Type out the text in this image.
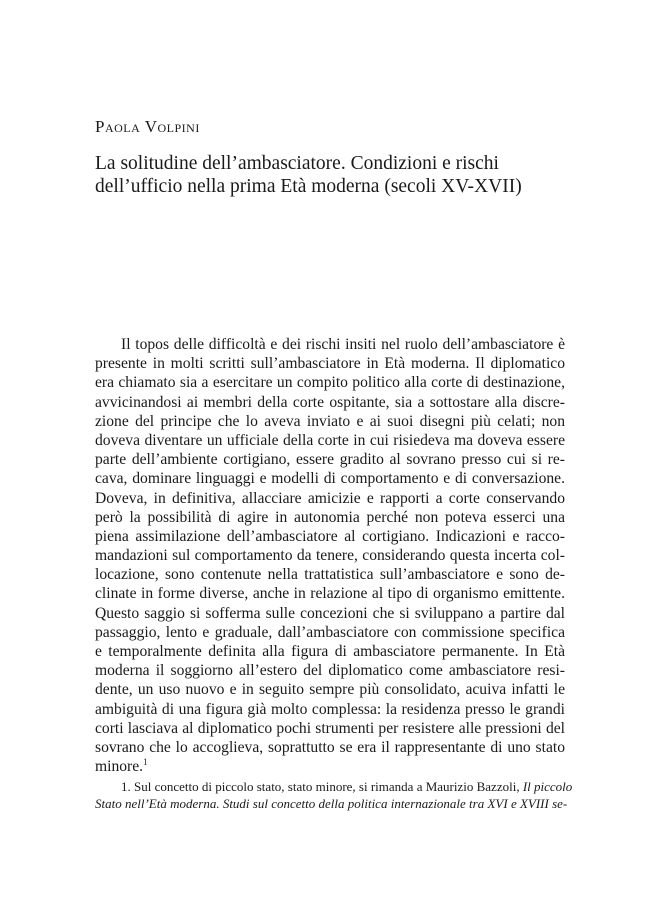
Paola Volpini
La solitudine dell’ambasciatore. Condizioni e rischi
dell’ufficio nella prima Età moderna (secoli XV-XVII)
Il topos delle difficoltà e dei rischi insiti nel ruolo dell’ambasciatore è
presente in molti scritti sull’ambasciatore in Età moderna. Il diplomatico
era chiamato sia a esercitare un compito politico alla corte di destinazione,
avvicinandosi ai membri della corte ospitante, sia a sottostare alla discre-
zione del principe che lo aveva inviato e ai suoi disegni più celati; non
doveva diventare un ufficiale della corte in cui risiedeva ma doveva essere
parte dell’ambiente cortigiano, essere gradito al sovrano presso cui si re-
cava, dominare linguaggi e modelli di comportamento e di conversazione.
Doveva, in definitiva, allacciare amicizie e rapporti a corte conservando
però la possibilità di agire in autonomia perché non poteva esserci una
piena assimilazione dell’ambasciatore al cortigiano. Indicazioni e racco-
mandazioni sul comportamento da tenere, considerando questa incerta col-
locazione, sono contenute nella trattatistica sull’ambasciatore e sono de-
clinate in forme diverse, anche in relazione al tipo di organismo emittente.
Questo saggio si sofferma sulle concezioni che si sviluppano a partire dal
passaggio, lento e graduale, dall’ambasciatore con commissione specifica
e temporalmente definita alla figura di ambasciatore permanente. In Età
moderna il soggiorno all’estero del diplomatico come ambasciatore resi-
dente, un uso nuovo e in seguito sempre più consolidato, acuiva infatti le
ambiguità di una figura già molto complessa: la residenza presso le grandi
corti lasciava al diplomatico pochi strumenti per resistere alle pressioni del
sovrano che lo accoglieva, soprattutto se era il rappresentante di uno stato
minore.$^1$
1. Sul concetto di piccolo stato, stato minore, si rimanda a Maurizio Bazzoli, Il piccolo
Stato nell’Età moderna. Studi sul concetto della politica internazionale tra XVI e XVIII se-
